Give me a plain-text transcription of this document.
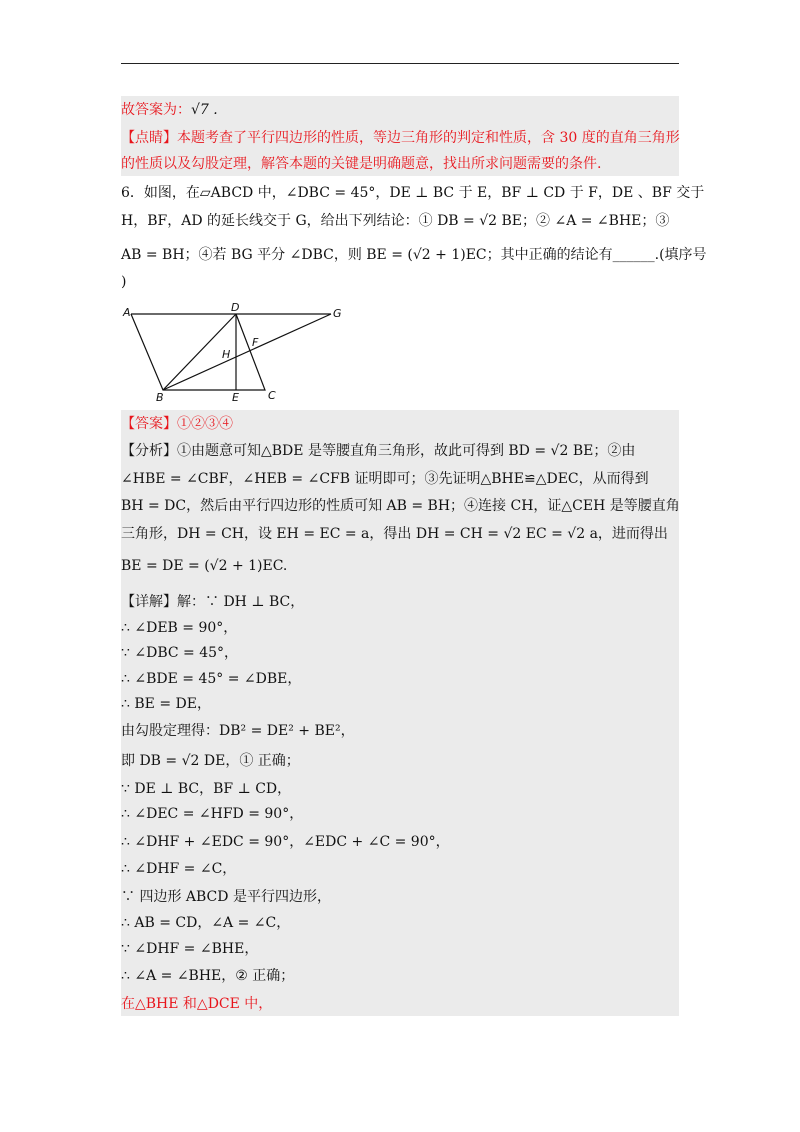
故答案为：√7 .
【点睛】本题考查了平行四边形的性质，等边三角形的判定和性质，含 30 度的直角三角形
的性质以及勾股定理，解答本题的关键是明确题意，找出所求问题需要的条件.
6．如图，在▱ABCD 中，∠DBC = 45°，DE ⊥ BC 于 E，BF ⊥ CD 于 F，DE 、BF 交于
H，BF，AD 的延长线交于 G，给出下列结论：① DB = √2 BE；② ∠A = ∠BHE；③
AB = BH；④若 BG 平分 ∠DBC，则 BE = (√2 + 1)EC；其中正确的结论有______.(填序号
)
A	D	G
F
H
B	E	C
【答案】①②③④
【分析】①由题意可知△BDE 是等腰直角三角形，故此可得到 BD = √2 BE；②由
∠HBE = ∠CBF，∠HEB = ∠CFB 证明即可；③先证明△BHE≌△DEC，从而得到
BH = DC，然后由平行四边形的性质可知 AB = BH；④连接 CH，证△CEH 是等腰直角
三角形，DH = CH，设 EH = EC = a，得出 DH = CH = √2 EC = √2 a，进而得出
BE = DE = (√2 + 1)EC.
【详解】解：∵ DH ⊥ BC，
∴ ∠DEB = 90°，
∵ ∠DBC = 45°，
∴ ∠BDE = 45° = ∠DBE，
∴ BE = DE，
由勾股定理得：DB² = DE² + BE²，
即 DB = √2 DE，① 正确；
∵ DE ⊥ BC，BF ⊥ CD，
∴ ∠DEC = ∠HFD = 90°，
∴ ∠DHF + ∠EDC = 90°，∠EDC + ∠C = 90°，
∴ ∠DHF = ∠C，
∵ 四边形 ABCD 是平行四边形，
∴ AB = CD，∠A = ∠C，
∵ ∠DHF = ∠BHE，
∴ ∠A = ∠BHE，② 正确；
在△BHE 和△DCE 中，
